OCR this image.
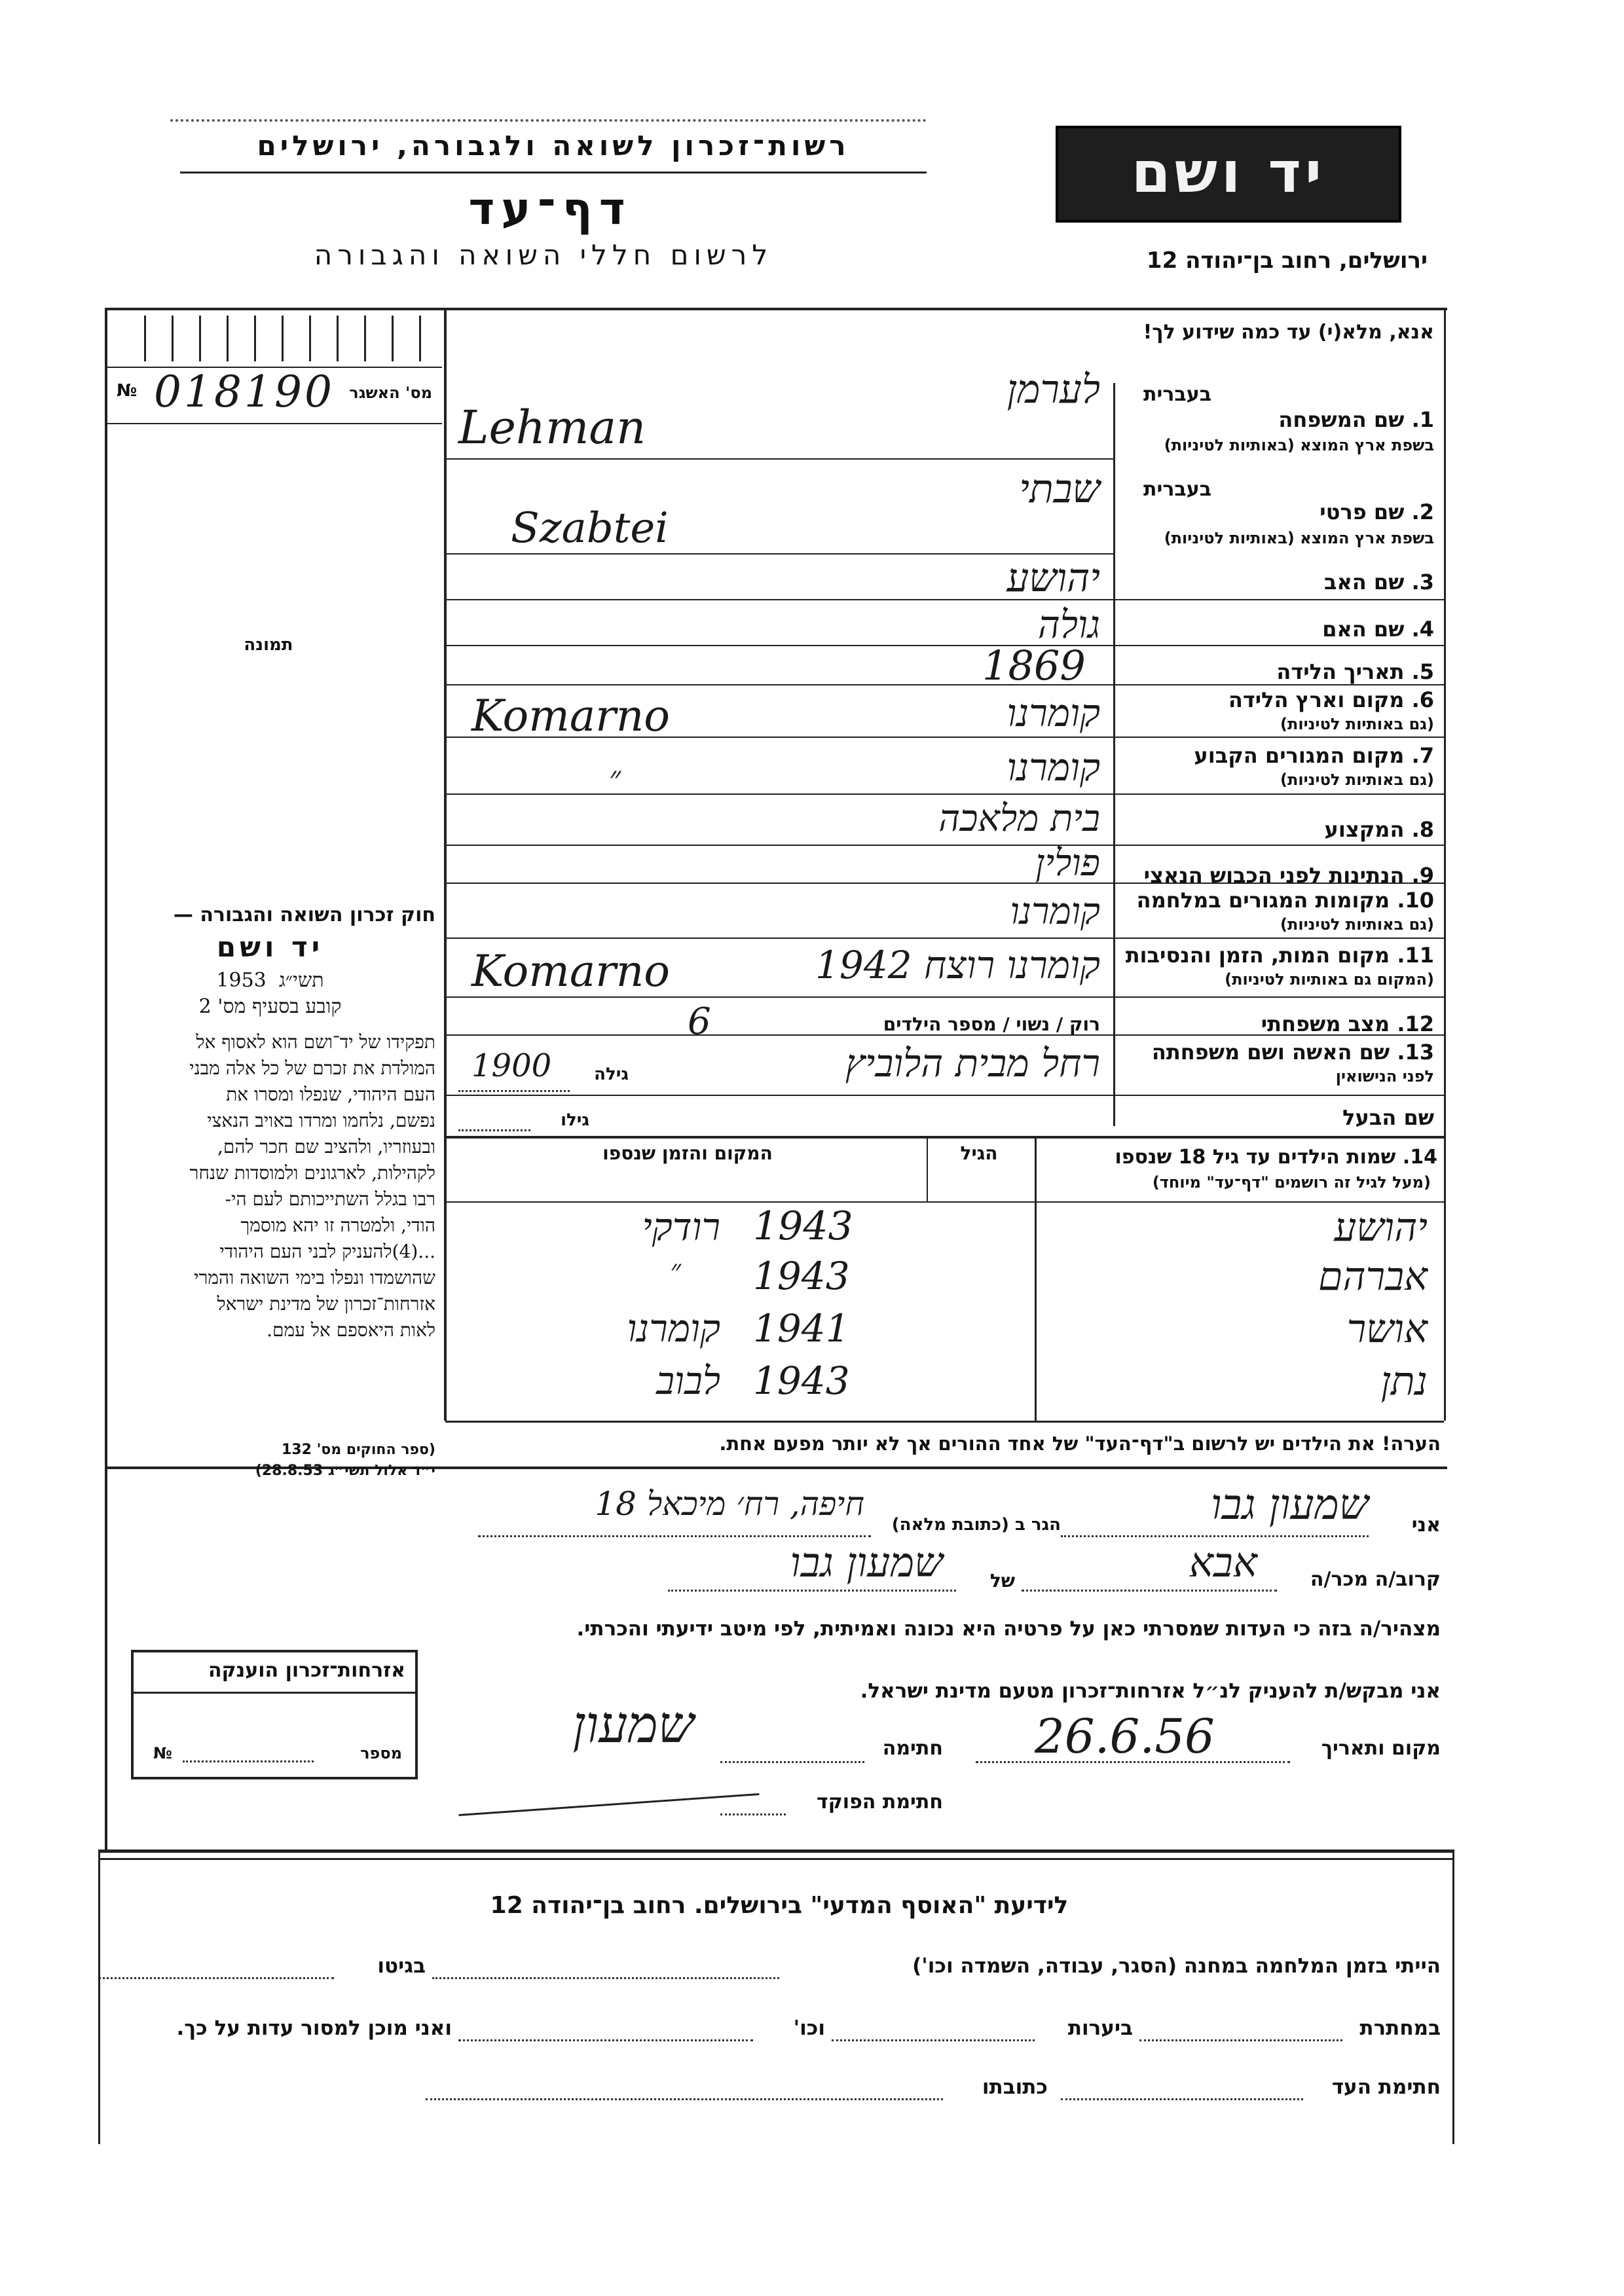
רשות־זכרון לשואה ולגבורה, ירושלים
דף־עד
לרשום חללי השואה והגבורה
יד ושם
ירושלים, רחוב בן־יהודה 12
אנא, מלא(י) עד כמה שידוע לך!
№ 018190 מס' האשגר
תמונה
בעברית
1. שם המשפחה
בשפת ארץ המוצא (באותיות לטיניות)
בעברית
2. שם פרטי
בשפת ארץ המוצא (באותיות לטיניות)
3. שם האב
4. שם האם
5. תאריך הלידה
6. מקום וארץ הלידה
(גם באותיות לטיניות)
7. מקום המגורים הקבוע
(גם באותיות לטיניות)
8. המקצוע
9. הנתינות לפני הכבוש הנאצי
10. מקומות המגורים במלחמה
(גם באותיות לטיניות)
11. מקום המות, הזמן והנסיבות
(המקום גם באותיות לטיניות)
12. מצב משפחתי
13. שם האשה ושם משפחתה
לפני הנישואין
שם הבעל
לערמן
Lehman
שבתי
Szabtei
יהושע
גולה
1869
קומרנו
Komarno
קומרנו
״
בית מלאכה
פולין
קומרנו
קומרנו רוצח 1942
Komarno
רוק / נשוי / מספר הילדים
6
רחל מבית הלוביץ
גילה
1900
גילו
14. שמות הילדים עד גיל 18 שנספו
(מעל לגיל זה רושמים "דף־עד" מיוחד)
הגיל
המקום והזמן שנספו
יהושע
רודקי 1943
אברהם
״ 1943
אושר
קומרנו 1941
נתן
לבוב 1943
הערה! את הילדים יש לרשום ב"דף־העד" של אחד ההורים אך לא יותר מפעם אחת.
חוק זכרון השואה והגבורה —
יד ושם
תשי״ג  1953
קובע בסעיף מס' 2

תפקידו של יד־ושם הוא לאסוף אל

המולדת את זכרם של כל אלה מבני

העם היהודי, שנפלו ומסרו את

נפשם, נלחמו ומרדו באויב הנאצי

ובעוזריו, ולהציב שם חכר להם,

לקהילות, לארגונים ולמוסדות שנחר

רבו בגלל השתייכותם לעם הי-

הודי, ולמטרה זו יהא מוסמך

...(4)להעניק לבני העם היהודי

שהושמדו ונפלו בימי השואה והמרי

אזרחות־זכרון של מדינת ישראל

לאות היאספם אל עמם.

(ספר החוקים מס' 132
י״ד אלול תשי״ג 28.8.53)
אני
שמעון גבו
הגר ב (כתובת מלאה)
חיפה, רח׳ מיכאל 18
קרוב/ה מכר/ה
אבא
של
שמעון גבו
מצהיר/ה בזה כי העדות שמסרתי כאן על פרטיה היא נכונה ואמיתית, לפי מיטב ידיעתי והכרתי.
אני מבקש/ת להעניק לנ״ל אזרחות־זכרון מטעם מדינת ישראל.
מקום ותאריך
26.6.56
חתימה
שמעון
חתימת הפוקד
אזרחות־זכרון הוענקה
מספר
№
לידיעת "האוסף המדעי" בירושלים. רחוב בן־יהודה 12
הייתי בזמן המלחמה במחנה (הסגר, עבודה, השמדה וכו')
בגיטו
במחתרת
ביערות
וכו'
ואני מוכן למסור עדות על כך.
חתימת העד
כתובתו
